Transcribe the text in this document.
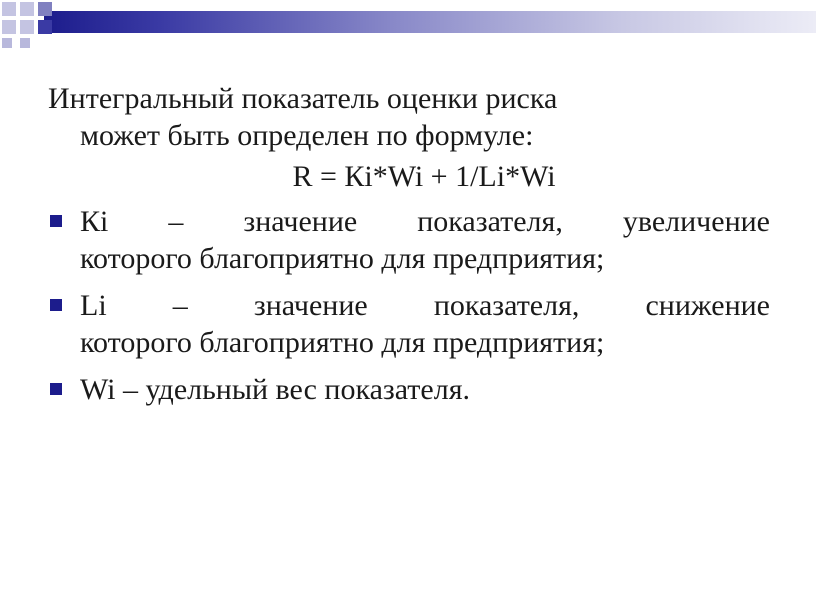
Интегральный показатель оценки риска
может быть определен по формуле:

R = Кi*Wi + 1/Li*Wi

Кi – значение показателя, увеличение
которого благоприятно для предприятия;
Li – значение показателя, снижение
которого благоприятно для предприятия;
Wi – удельный вес показателя.
